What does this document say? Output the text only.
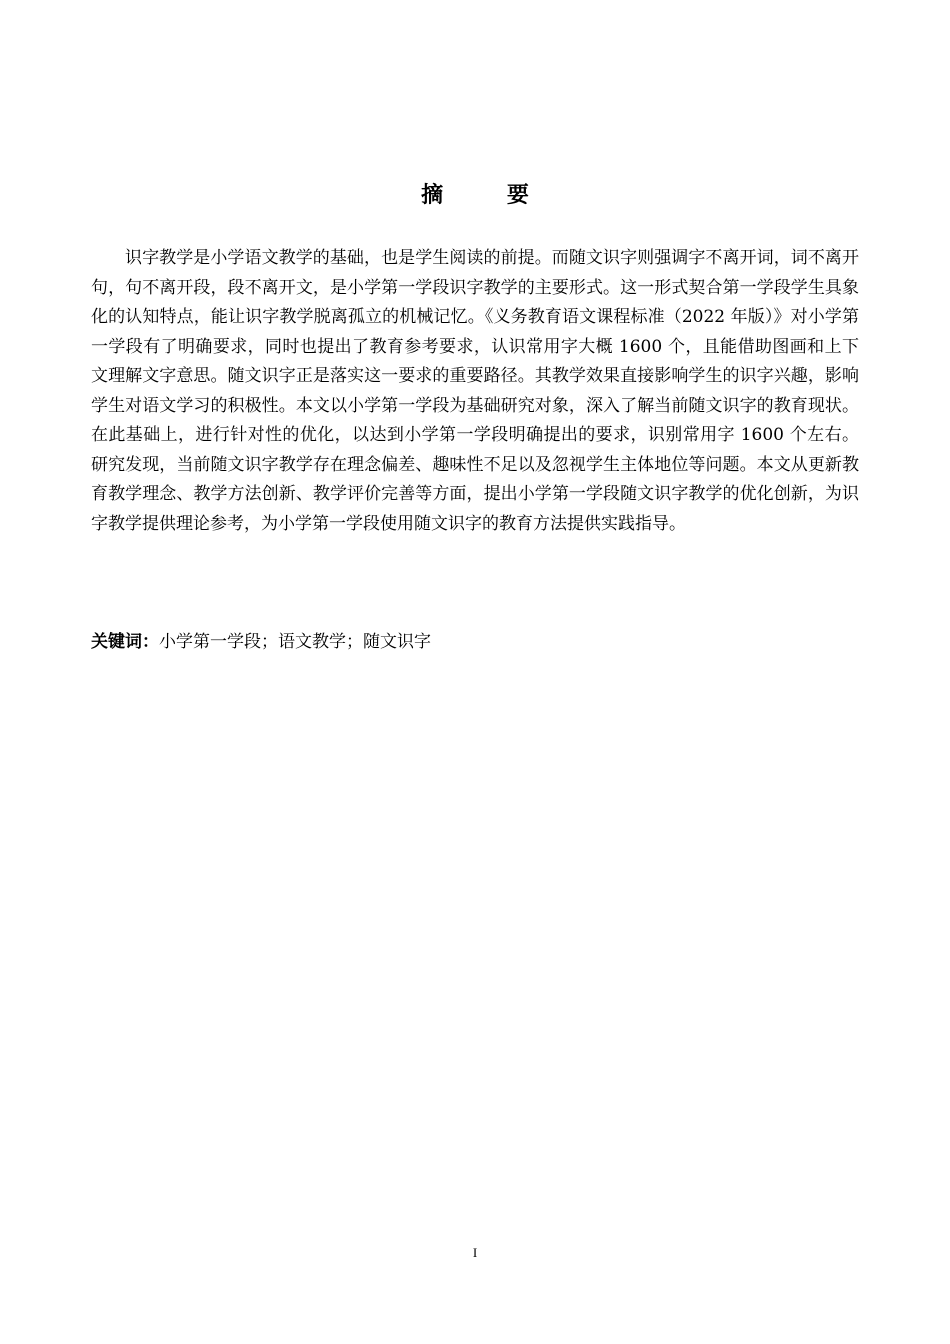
摘 要

识字教学是小学语文教学的基础，也是学生阅读的前提。而随文识字则强调字不离开词，词不离开句，句不离开段，段不离开文，是小学第一学段识字教学的主要形式。这一形式契合第一学段学生具象化的认知特点，能让识字教学脱离孤立的机械记忆。《义务教育语文课程标准（2022 年版）》对小学第一学段有了明确要求，同时也提出了教育参考要求，认识常用字大概 1600 个，且能借助图画和上下文理解文字意思。随文识字正是落实这一要求的重要路径。其教学效果直接影响学生的识字兴趣，影响学生对语文学习的积极性。本文以小学第一学段为基础研究对象，深入了解当前随文识字的教育现状。在此基础上，进行针对性的优化，以达到小学第一学段明确提出的要求，识别常用字 1600 个左右。研究发现，当前随文识字教学存在理念偏差、趣味性不足以及忽视学生主体地位等问题。本文从更新教育教学理念、教学方法创新、教学评价完善等方面，提出小学第一学段随文识字教学的优化创新，为识字教学提供理论参考，为小学第一学段使用随文识字的教育方法提供实践指导。

关键词：小学第一学段；语文教学；随文识字

I
